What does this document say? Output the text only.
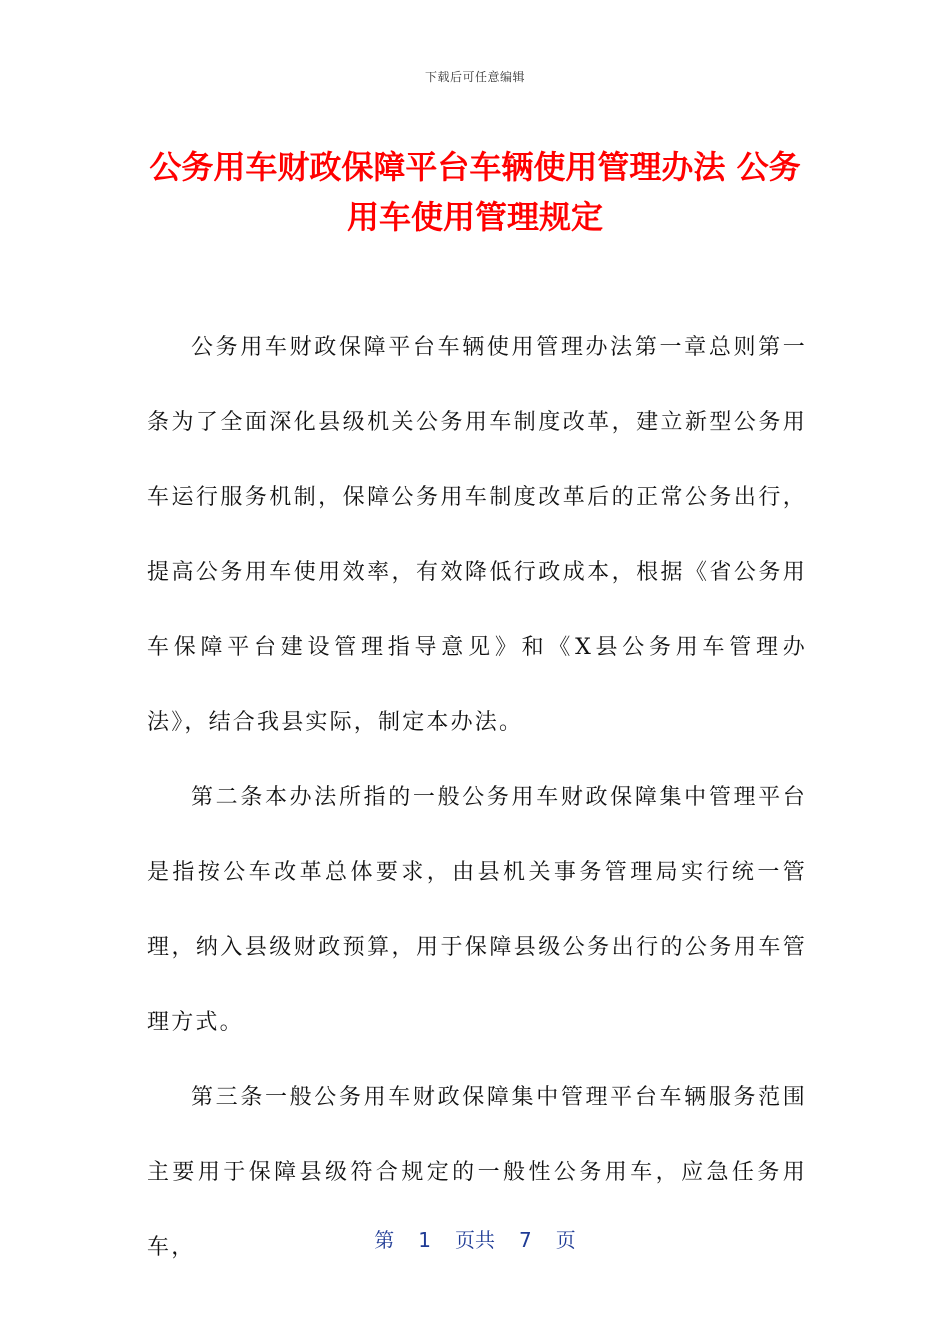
下载后可任意编辑
公务用车财政保障平台车辆使用管理办法 公务用车使用管理规定

公务用车财政保障平台车辆使用管理办法第一章总则第一条为了全面深化县级机关公务用车制度改革，建立新型公务用车运行服务机制，保障公务用车制度改革后的正常公务出行，提高公务用车使用效率，有效降低行政成本，根据《省公务用车保障平台建设管理指导意见》和《X县公务用车管理办法》，结合我县实际，制定本办法。

第二条本办法所指的一般公务用车财政保障集中管理平台是指按公车改革总体要求，由县机关事务管理局实行统一管理，纳入县级财政预算，用于保障县级公务出行的公务用车管理方式。

第三条一般公务用车财政保障集中管理平台车辆服务范围主要用于保障县级符合规定的一般性公务用车，应急任务用车，	第 1 页共 7 页
